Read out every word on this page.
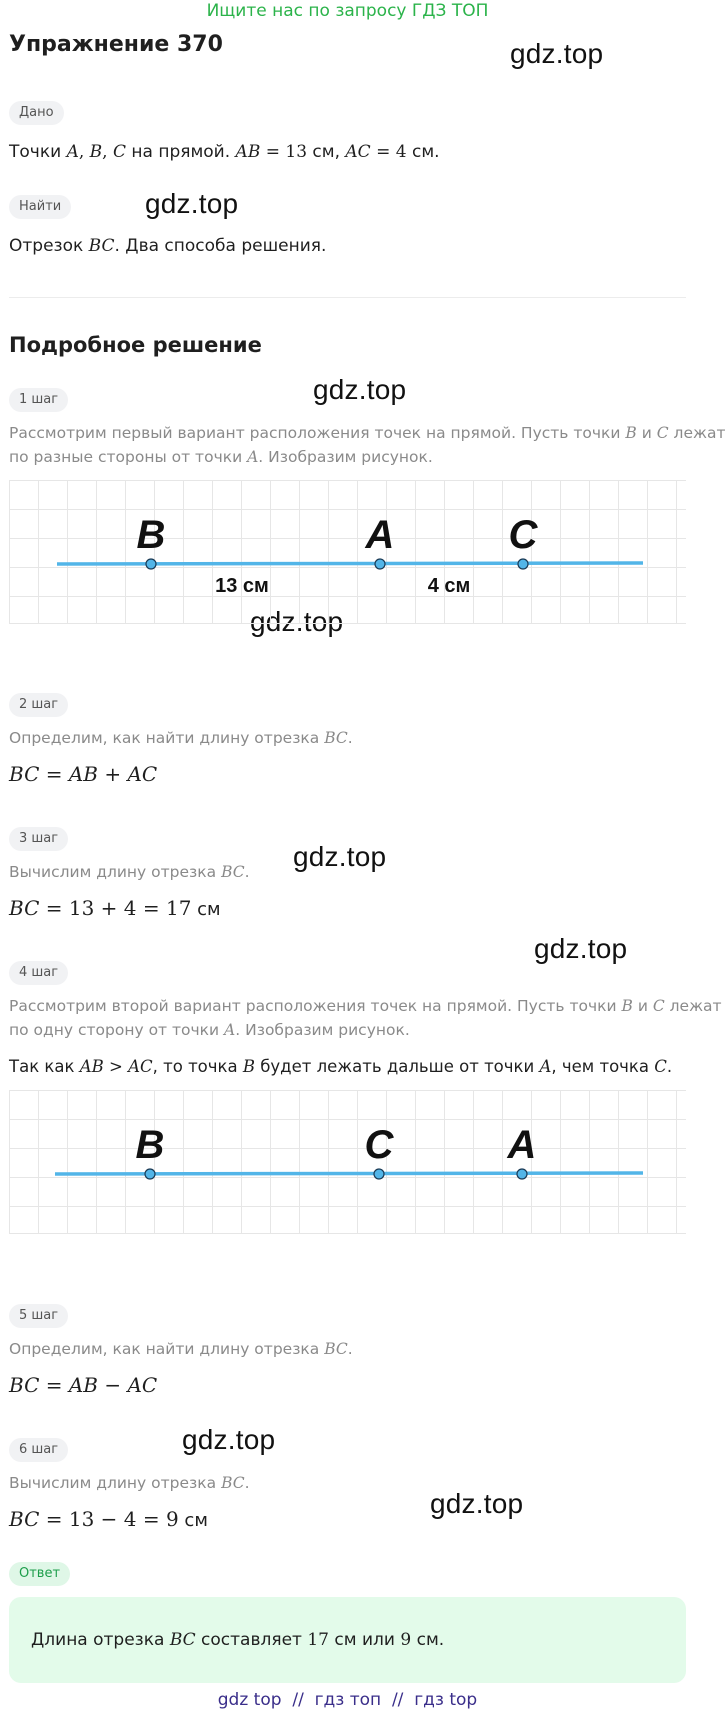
Ищите нас по запросу ГДЗ ТОП
Упражнение 370	gdz.top
gdz.top
gdz.top
gdz.top
gdz.top
gdz.top
gdz.top
gdz.top
Дано
Точки A, B, C на прямой. AB = 13 см, AC = 4 см.
Найти
Отрезок BC. Два способа решения.
Подробное решение
1 шаг
Рассмотрим первый вариант расположения точек на прямой. Пусть точки B и C лежат
по разные стороны от точки A. Изобразим рисунок.
B	A	C
13 см	4 см
2 шаг
Определим, как найти длину отрезка BC.
BC = AB + AC
3 шаг
Вычислим длину отрезка BC.
BC = 13 + 4 = 17 см
4 шаг
Рассмотрим второй вариант расположения точек на прямой. Пусть точки B и C лежат
по одну сторону от точки A. Изобразим рисунок.
Так как AB > AC, то точка B будет лежать дальше от точки A, чем точка C.
B	C	A
5 шаг
Определим, как найти длину отрезка BC.
BC = AB − AC
6 шаг
Вычислим длину отрезка BC.
BC = 13 − 4 = 9 см
Ответ
Длина отрезка BC составляет 17 см или 9 см.
gdz top  //  гдз топ  //  гдз top
